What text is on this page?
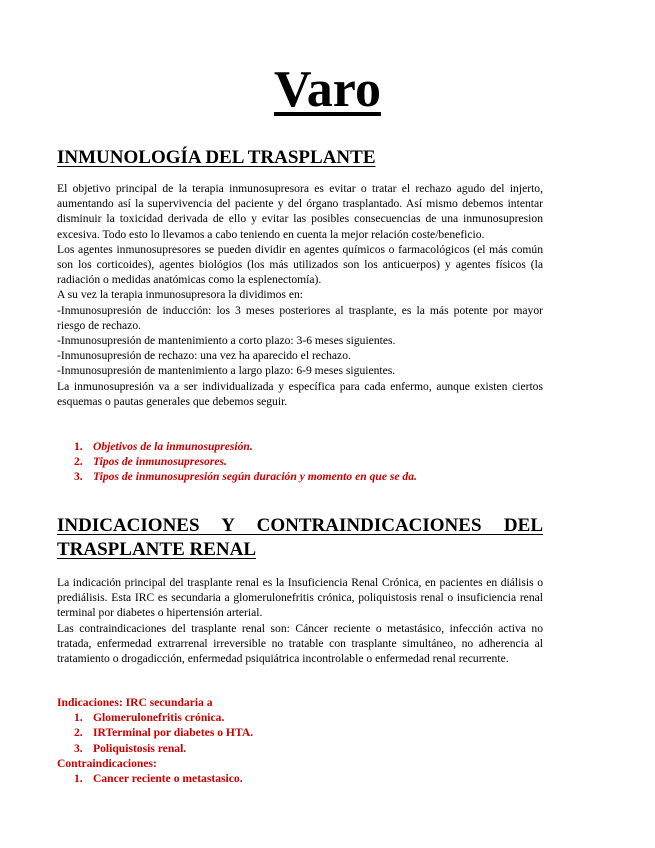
Varo
INMUNOLOGÍA DEL TRASPLANTE

El objetivo principal de la terapia inmunosupresora es evitar o tratar el rechazo agudo del injerto, aumentando así la supervivencia del paciente y del órgano trasplantado. Así mismo debemos intentar disminuir la toxicidad derivada de ello y evitar las posibles consecuencias de una inmunosupresion excesiva. Todo esto lo llevamos a cabo teniendo en cuenta la mejor relación coste/beneficio.

Los agentes inmunosupresores se pueden dividir en agentes químicos o farmacológicos (el más común son los corticoides), agentes biológios (los más utilizados son los anticuerpos) y agentes físicos (la radiación o medidas anatómicas como la esplenectomía).

A su vez la terapia inmunosupresora la dividimos en:

-Inmunosupresión de inducción: los 3 meses posteriores al trasplante, es la más potente por mayor riesgo de rechazo.

-Inmunosupresión de mantenimiento a corto plazo: 3-6 meses siguientes.

-Inmunosupresión de rechazo: una vez ha aparecido el rechazo.

-Inmunosupresión de mantenimiento a largo plazo: 6-9 meses siguientes.

La inmunosupresión va a ser individualizada y específica para cada enfermo, aunque existen ciertos esquemas o pautas generales que debemos seguir.

1. Objetivos de la inmunosupresión.
2. Tipos de inmunosupresores.
3. Tipos de inmunosupresión según duración y momento en que se da.
INDICACIONES Y CONTRAINDICACIONES DEL TRASPLANTE RENAL

La indicación principal del trasplante renal es la Insuficiencia Renal Crónica, en pacientes en diálisis o prediálisis. Esta IRC es secundaria a glomerulonefritis crónica, poliquistosis renal o insuficiencia renal terminal por diabetes o hipertensión arterial.

Las contraindicaciones del trasplante renal son: Cáncer reciente o metastásico, infección activa no tratada, enfermedad extrarrenal irreversible no tratable con trasplante simultáneo, no adherencia al tratamiento o drogadicción, enfermedad psiquiátrica incontrolable o enfermedad renal recurrente.

Indicaciones: IRC secundaria a
1. Glomerulonefritis crónica.
2. IRTerminal por diabetes o HTA.
3. Poliquistosis renal.
Contraindicaciones:
1. Cancer reciente o metastasico.
